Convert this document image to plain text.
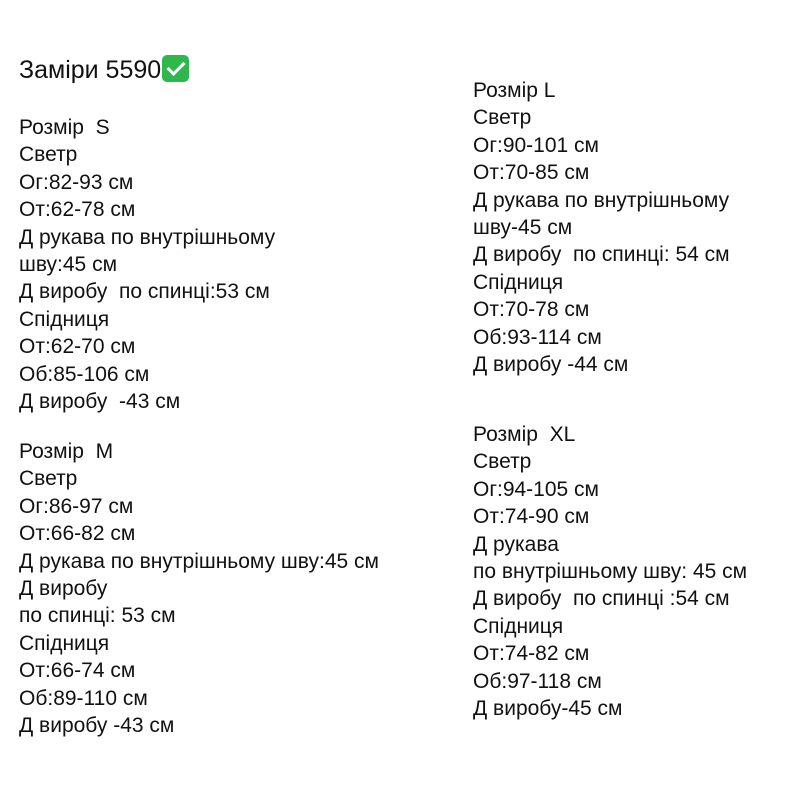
Заміри 5590
Розмір  S
Светр
Ог:82-93 см
От:62-78 см
Д рукава по внутрішньому
шву:45 см
Д виробу  по спинці:53 см
Спідниця
От:62-70 см
Об:85-106 см
Д виробу  -43 см
Розмір  M
Светр
Ог:86-97 см
От:66-82 см
Д рукава по внутрішньому шву:45 см
Д виробу
по спинці: 53 см
Спідниця
От:66-74 см
Об:89-110 см
Д виробу -43 см
Розмір L
Светр
Ог:90-101 см
От:70-85 см
Д рукава по внутрішньому
шву-45 см
Д виробу  по спинці: 54 см
Спідниця
От:70-78 см
Об:93-114 см
Д виробу -44 см
Розмір  XL
Светр
Ог:94-105 см
От:74-90 см
Д рукава
по внутрішньому шву: 45 см
Д виробу  по спинці :54 см
Спідниця
От:74-82 см
Об:97-118 см
Д виробу-45 см
